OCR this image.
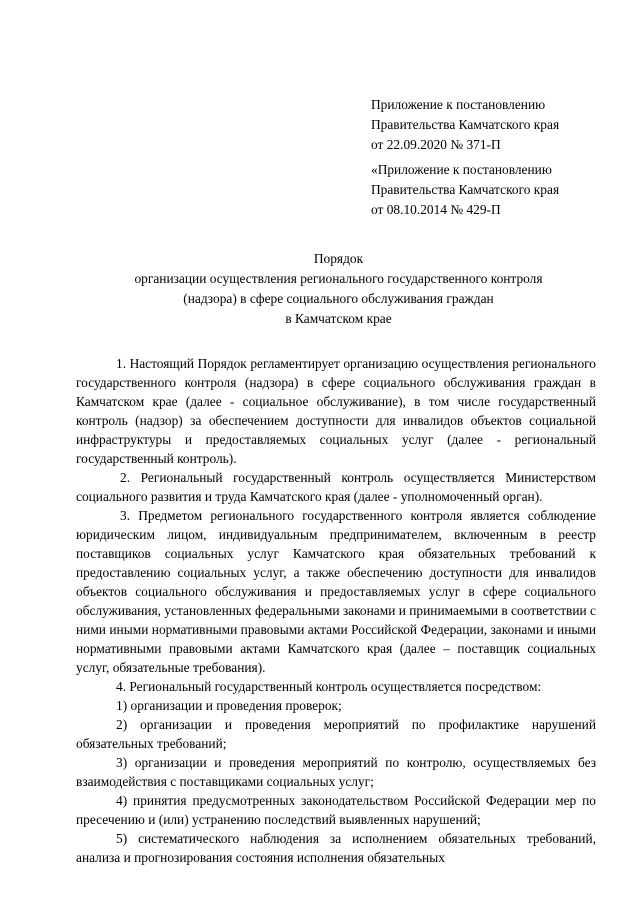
Приложение к постановлению
Правительства Камчатского края
от 22.09.2020 № 371-П
«Приложение к постановлению
Правительства Камчатского края
от 08.10.2014 № 429-П
Порядок
организации осуществления регионального государственного контроля
(надзора) в сфере социального обслуживания граждан
в Камчатском крае

1. Настоящий Порядок регламентирует организацию осуществления регионального государственного контроля (надзора) в сфере социального обслуживания граждан в Камчатском крае (далее - социальное обслуживание), в том числе государственный контроль (надзор) за обеспечением доступности для инвалидов объектов социальной инфраструктуры и предоставляемых социальных услуг (далее - региональный государственный контроль).

2. Региональный государственный контроль осуществляется Министерством социального развития и труда Камчатского края (далее - уполномоченный орган).

3. Предметом регионального государственного контроля является соблюдение юридическим лицом, индивидуальным предпринимателем, включенным в реестр поставщиков социальных услуг Камчатского края обязательных требований к предоставлению социальных услуг, а также обеспечению доступности для инвалидов объектов социального обслуживания и предоставляемых услуг в сфере социального обслуживания, установленных федеральными законами и принимаемыми в соответствии с ними иными нормативными правовыми актами Российской Федерации, законами и иными нормативными правовыми актами Камчатского края (далее – поставщик социальных услуг, обязательные требования).

4. Региональный государственный контроль осуществляется посредством:

1) организации и проведения проверок;

2) организации и проведения мероприятий по профилактике нарушений обязательных требований;

3) организации и проведения мероприятий по контролю, осуществляемых без взаимодействия с поставщиками социальных услуг;

4) принятия предусмотренных законодательством Российской Федерации мер по пресечению и (или) устранению последствий выявленных нарушений;

5) систематического наблюдения за исполнением обязательных требований, анализа и прогнозирования состояния исполнения обязательных
